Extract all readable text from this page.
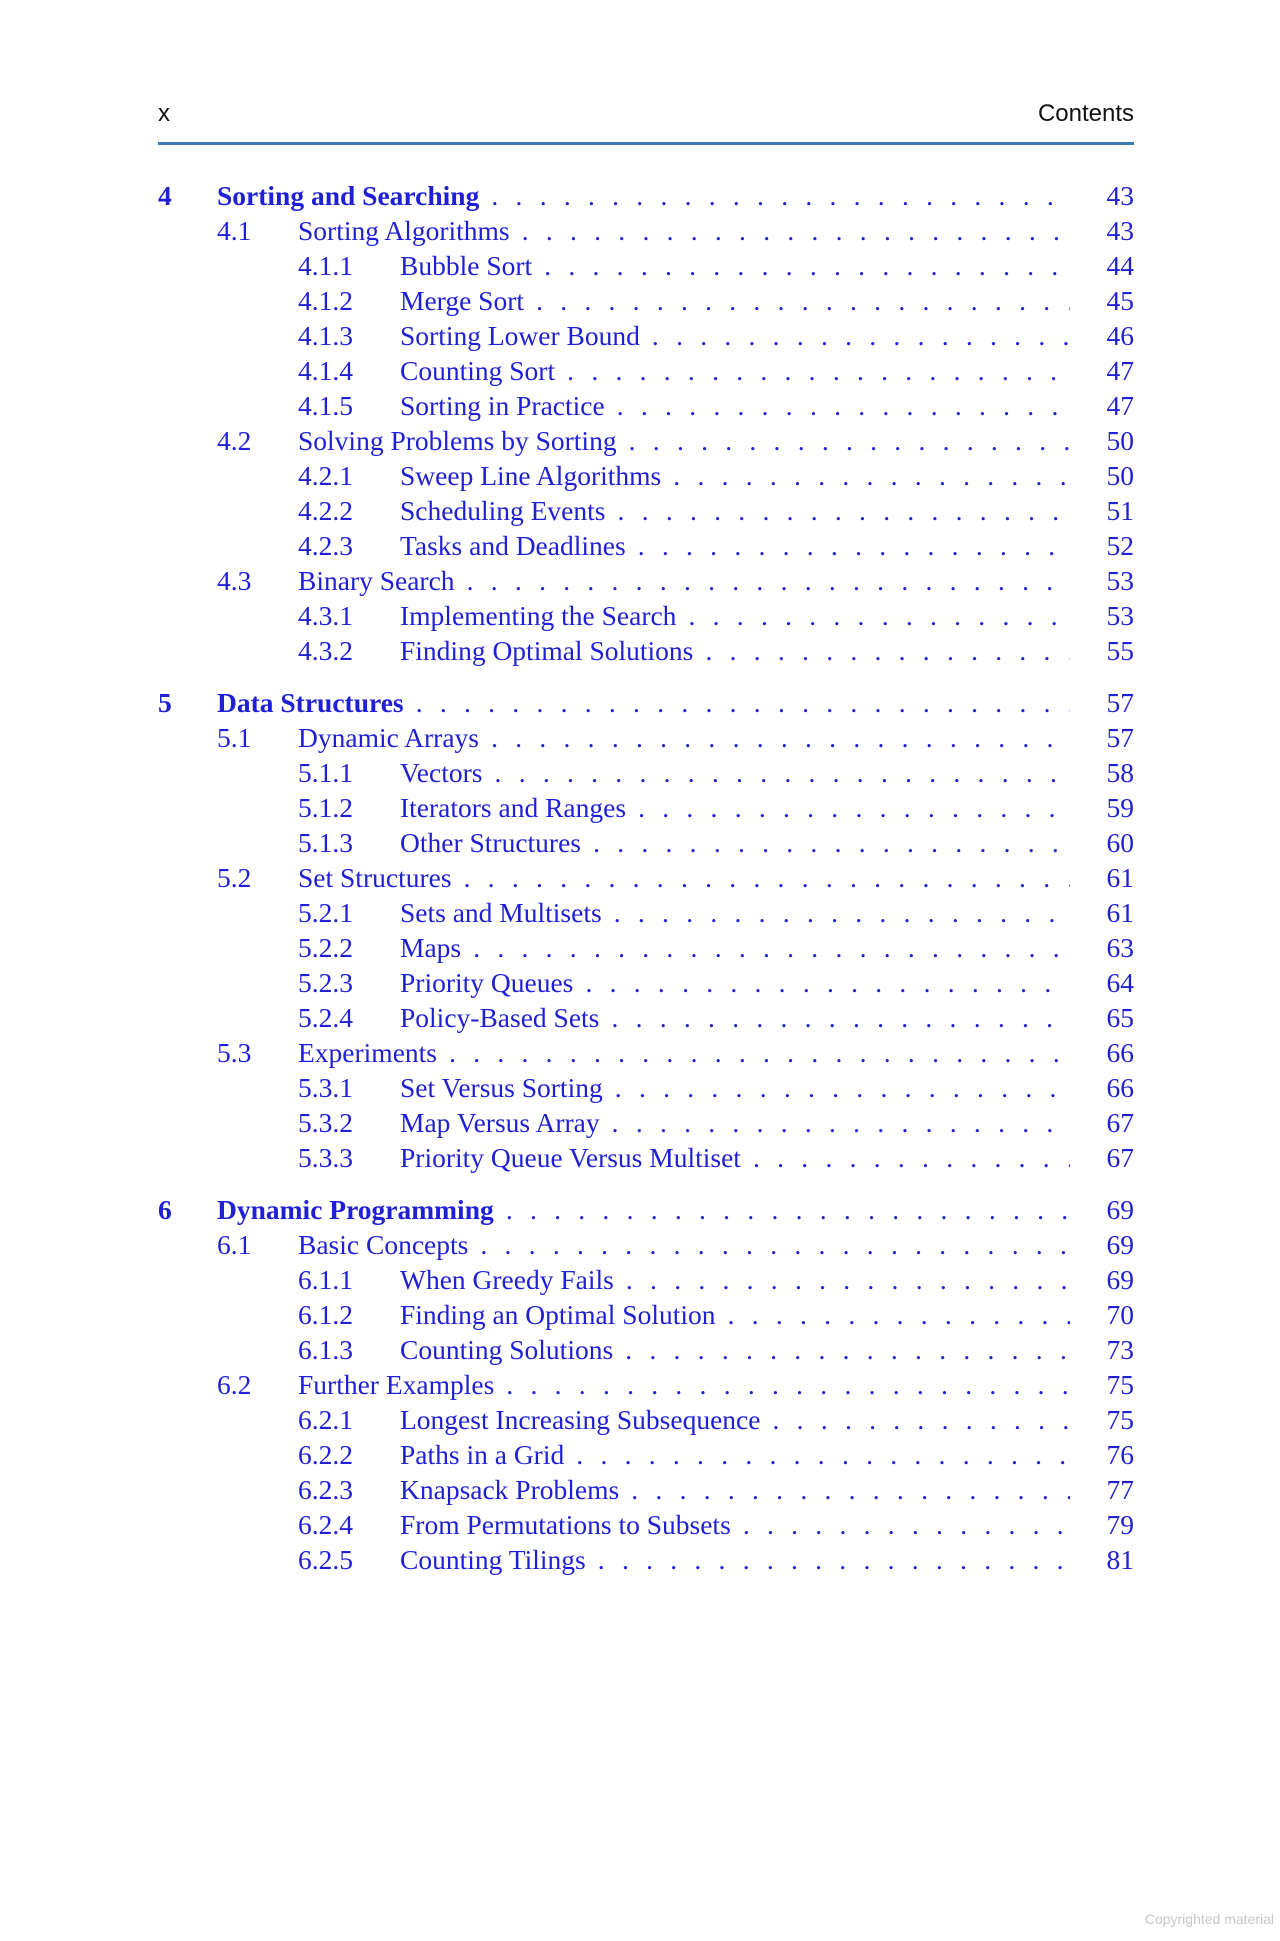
x	Contents
4 Sorting and Searching . . .	43
4.1 Sorting Algorithms . . .	43
4.1.1 Bubble Sort . . .	44
4.1.2 Merge Sort . . .	45
4.1.3 Sorting Lower Bound . . .	46
4.1.4 Counting Sort . . .	47
4.1.5 Sorting in Practice . . .	47
4.2 Solving Problems by Sorting . . .	50
4.2.1 Sweep Line Algorithms . . .	50
4.2.2 Scheduling Events . . .	51
4.2.3 Tasks and Deadlines . . .	52
4.3 Binary Search . . .	53
4.3.1 Implementing the Search . . .	53
4.3.2 Finding Optimal Solutions . . .	55
5 Data Structures . . .	57
5.1 Dynamic Arrays . . .	57
5.1.1 Vectors . . .	58
5.1.2 Iterators and Ranges . . .	59
5.1.3 Other Structures . . .	60
5.2 Set Structures . . .	61
5.2.1 Sets and Multisets . . .	61
5.2.2 Maps . . .	63
5.2.3 Priority Queues . . .	64
5.2.4 Policy-Based Sets . . .	65
5.3 Experiments . . .	66
5.3.1 Set Versus Sorting . . .	66
5.3.2 Map Versus Array . . .	67
5.3.3 Priority Queue Versus Multiset . . .	67
6 Dynamic Programming . . .	69
6.1 Basic Concepts . . .	69
6.1.1 When Greedy Fails . . .	69
6.1.2 Finding an Optimal Solution . . .	70
6.1.3 Counting Solutions . . .	73
6.2 Further Examples . . .	75
6.2.1 Longest Increasing Subsequence . . .	75
6.2.2 Paths in a Grid . . .	76
6.2.3 Knapsack Problems . . .	77
6.2.4 From Permutations to Subsets . . .	79
6.2.5 Counting Tilings . . .	81
Copyrighted material
